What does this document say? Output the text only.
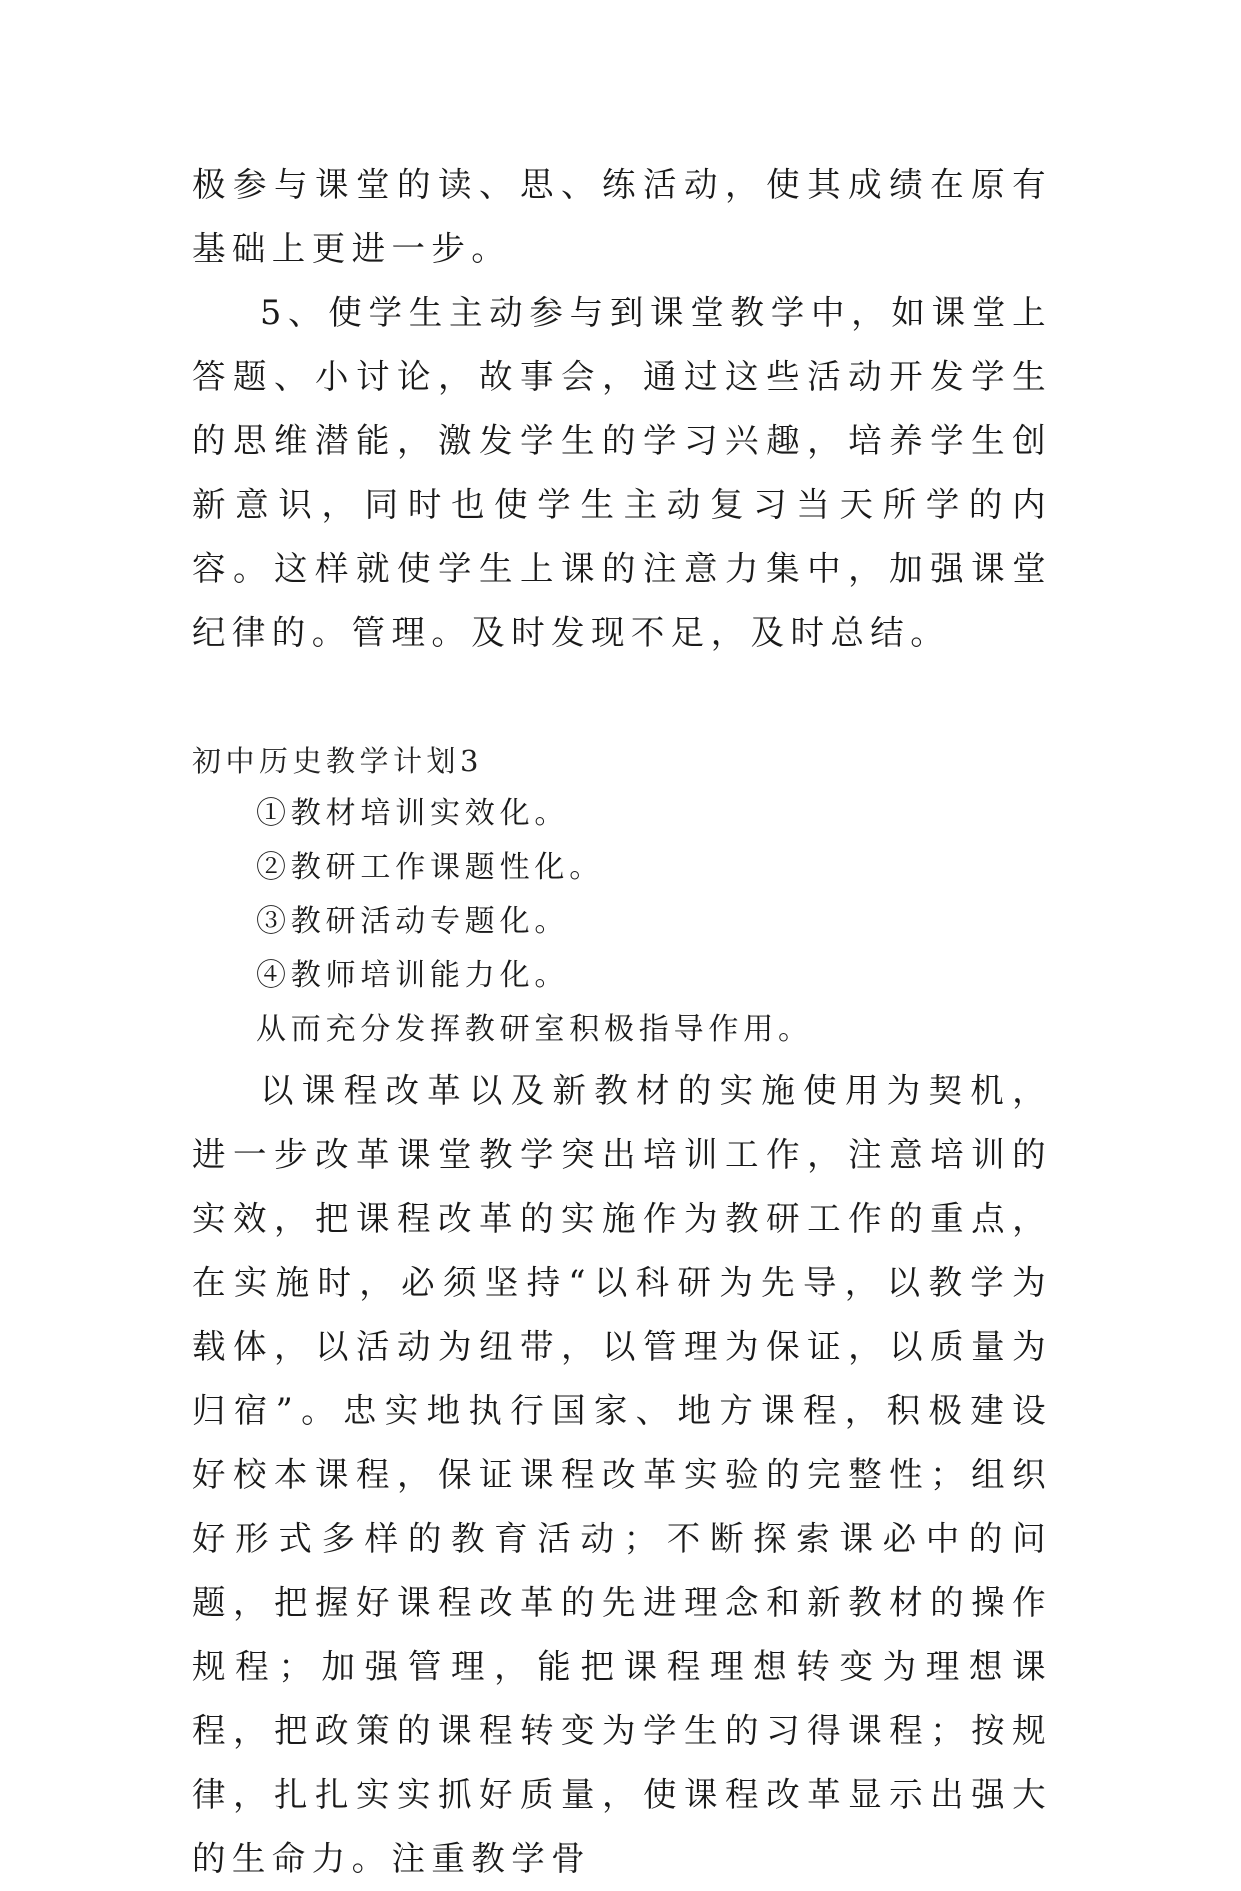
极参与课堂的读、思、练活动，使其成绩在原有基础上更进一步。

5、使学生主动参与到课堂教学中，如课堂上答题、小讨论，故事会，通过这些活动开发学生的思维潜能，激发学生的学习兴趣，培养学生创新意识，同时也使学生主动复习当天所学的内容。这样就使学生上课的注意力集中，加强课堂纪律的。管理。及时发现不足，及时总结。

初中历史教学计划3

①教材培训实效化。

②教研工作课题性化。

③教研活动专题化。

④教师培训能力化。

从而充分发挥教研室积极指导作用。

以课程改革以及新教材的实施使用为契机，进一步改革课堂教学突出培训工作，注意培训的实效，把课程改革的实施作为教研工作的重点，在实施时，必须坚持“以科研为先导，以教学为载体，以活动为纽带，以管理为保证，以质量为归宿”。忠实地执行国家、地方课程，积极建设好校本课程，保证课程改革实验的完整性；组织好形式多样的教育活动；不断探索课必中的问题，把握好课程改革的先进理念和新教材的操作规程；加强管理，能把课程理想转变为理想课程，把政策的课程转变为学生的习得课程；按规律，扎扎实实抓好质量，使课程改革显示出强大的生命力。注重教学骨
